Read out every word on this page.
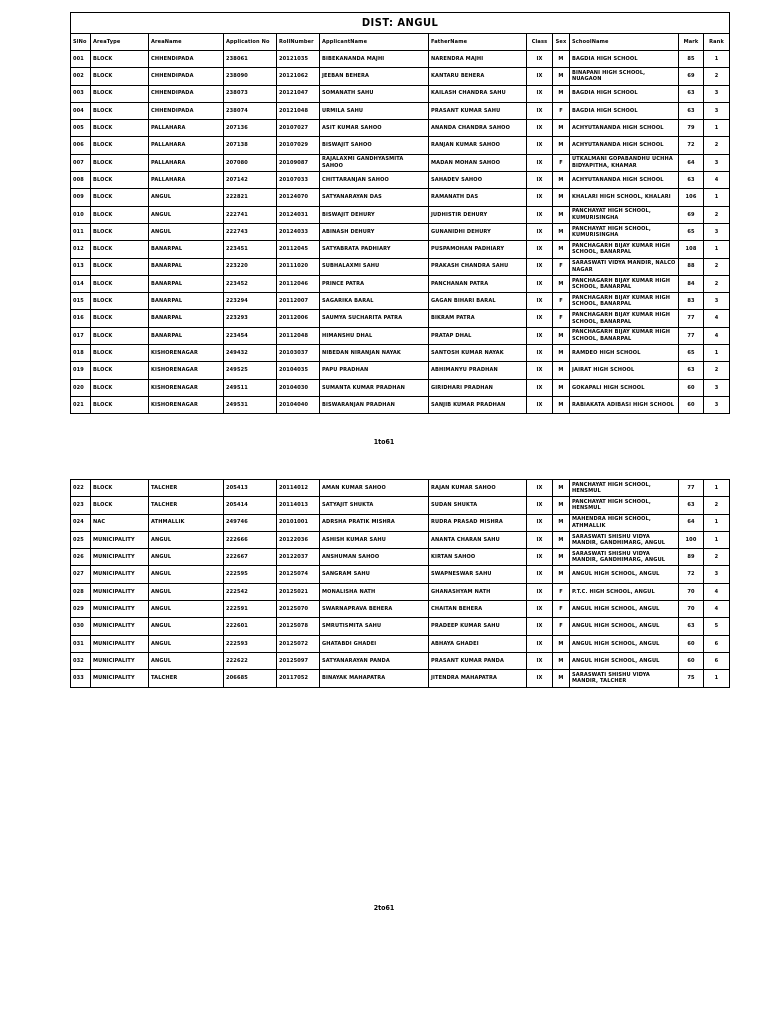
DIST: ANGUL											
SlNo	AreaType	AreaName	Application No	RollNumber	ApplicantName	FatherName	Class	Sex	SchoolName	Mark	Rank
001	BLOCK	CHHENDIPADA	238061	20121035	BIBEKANANDA MAJHI	NARENDRA MAJHI	IX	M	BAGDIA HIGH SCHOOL	85	1
002	BLOCK	CHHENDIPADA	238090	20121062	JEEBAN BEHERA	KANTARU BEHERA	IX	M	BINAPANI HIGH SCHOOL, NUAGAON	69	2
003	BLOCK	CHHENDIPADA	238073	20121047	SOMANATH SAHU	KAILASH CHANDRA SAHU	IX	M	BAGDIA HIGH SCHOOL	63	3
004	BLOCK	CHHENDIPADA	238074	20121048	URMILA SAHU	PRASANT KUMAR SAHU	IX	F	BAGDIA HIGH SCHOOL	63	3
005	BLOCK	PALLAHARA	207136	20107027	ASIT KUMAR SAHOO	ANANDA CHANDRA SAHOO	IX	M	ACHYUTANANDA HIGH SCHOOL	79	1
006	BLOCK	PALLAHARA	207138	20107029	BISWAJIT SAHOO	RANJAN KUMAR SAHOO	IX	M	ACHYUTANANDA HIGH SCHOOL	72	2
007	BLOCK	PALLAHARA	207080	20109087	RAJALAXMI GANDHYASMITA SAHOO	MADAN MOHAN SAHOO	IX	F	UTKALMANI GOPABANDHU UCHHA BIDYAPITHA, KHAMAR	64	3
008	BLOCK	PALLAHARA	207142	20107033	CHITTARANJAN SAHOO	SAHADEV SAHOO	IX	M	ACHYUTANANDA HIGH SCHOOL	63	4
009	BLOCK	ANGUL	222821	20124070	SATYANARAYAN DAS	RAMANATH DAS	IX	M	KHALARI HIGH SCHOOL, KHALARI	106	1
010	BLOCK	ANGUL	222741	20124031	BISWAJIT DEHURY	JUDHISTIR DEHURY	IX	M	PANCHAYAT HIGH SCHOOL, KUMURISINGHA	69	2
011	BLOCK	ANGUL	222743	20124033	ABINASH DEHURY	GUNANIDHI DEHURY	IX	M	PANCHAYAT HIGH SCHOOL, KUMURISINGHA	65	3
012	BLOCK	BANARPAL	223451	20112045	SATYABRATA PADHIARY	PUSPAMOHAN PADHIARY	IX	M	PANCHAGARH BIJAY KUMAR HIGH SCHOOL, BANARPAL	108	1
013	BLOCK	BANARPAL	223220	20111020	SUBHALAXMI SAHU	PRAKASH CHANDRA SAHU	IX	F	SARASWATI VIDYA MANDIR, NALCO NAGAR	88	2
014	BLOCK	BANARPAL	223452	20112046	PRINCE PATRA	PANCHANAN PATRA	IX	M	PANCHAGARH BIJAY KUMAR HIGH SCHOOL, BANARPAL	84	2
015	BLOCK	BANARPAL	223294	20112007	SAGARIKA BARAL	GAGAN BIHARI BARAL	IX	F	PANCHAGARH BIJAY KUMAR HIGH SCHOOL, BANARPAL	83	3
016	BLOCK	BANARPAL	223293	20112006	SAUMYA SUCHARITA PATRA	BIKRAM PATRA	IX	F	PANCHAGARH BIJAY KUMAR HIGH SCHOOL, BANARPAL	77	4
017	BLOCK	BANARPAL	223454	20112048	HIMANSHU DHAL	PRATAP DHAL	IX	M	PANCHAGARH BIJAY KUMAR HIGH SCHOOL, BANARPAL	77	4
018	BLOCK	KISHORENAGAR	249432	20103037	NIBEDAN NIRANJAN NAYAK	SANTOSH KUMAR NAYAK	IX	M	RAMDEO HIGH SCHOOL	65	1
019	BLOCK	KISHORENAGAR	249525	20104035	PAPU PRADHAN	ABHIMANYU PRADHAN	IX	M	JAIRAT HIGH SCHOOL	63	2
020	BLOCK	KISHORENAGAR	249511	20104030	SUMANTA KUMAR PRADHAN	GIRIDHARI PRADHAN	IX	M	GOKAPALI HIGH SCHOOL	60	3
021	BLOCK	KISHORENAGAR	249531	20104040	BISWARANJAN PRADHAN	SANJIB KUMAR PRADHAN	IX	M	RABIAKATA ADIBASI HIGH SCHOOL	60	3
1to61
022	BLOCK	TALCHER	205413	20114012	AMAN KUMAR SAHOO	RAJAN KUMAR SAHOO	IX	M	PANCHAYAT HIGH SCHOOL, HENSMUL	77	1
023	BLOCK	TALCHER	205414	20114013	SATYAJIT SHUKTA	SUDAN SHUKTA	IX	M	PANCHAYAT HIGH SCHOOL, HENSMUL	63	2
024	NAC	ATHMALLIK	249746	20101001	ADRSHA PRATIK MISHRA	RUDRA PRASAD MISHRA	IX	M	MAHENDRA HIGH SCHOOL, ATHMALLIK	64	1
025	MUNICIPALITY	ANGUL	222666	20122036	ASHISH KUMAR SAHU	ANANTA CHARAN SAHU	IX	M	SARASWATI SHISHU VIDYA MANDIR, GANDHIMARG, ANGUL	100	1
026	MUNICIPALITY	ANGUL	222667	20122037	ANSHUMAN SAHOO	KIRTAN SAHOO	IX	M	SARASWATI SHISHU VIDYA MANDIR, GANDHIMARG, ANGUL	89	2
027	MUNICIPALITY	ANGUL	222595	20125074	SANGRAM SAHU	SWAPNESWAR SAHU	IX	M	ANGUL HIGH SCHOOL, ANGUL	72	3
028	MUNICIPALITY	ANGUL	222542	20125021	MONALISHA NATH	GHANASHYAM NATH	IX	F	P.T.C. HIGH SCHOOL, ANGUL	70	4
029	MUNICIPALITY	ANGUL	222591	20125070	SWARNAPRAVA BEHERA	CHAITAN BEHERA	IX	F	ANGUL HIGH SCHOOL, ANGUL	70	4
030	MUNICIPALITY	ANGUL	222601	20125078	SMRUTISMITA SAHU	PRADEEP KUMAR SAHU	IX	F	ANGUL HIGH SCHOOL, ANGUL	63	5
031	MUNICIPALITY	ANGUL	222593	20125072	GHATABDI GHADEI	ABHAYA GHADEI	IX	M	ANGUL HIGH SCHOOL, ANGUL	60	6
032	MUNICIPALITY	ANGUL	222622	20125097	SATYANARAYAN PANDA	PRASANT KUMAR PANDA	IX	M	ANGUL HIGH SCHOOL, ANGUL	60	6
033	MUNICIPALITY	TALCHER	206685	20117052	BINAYAK MAHAPATRA	JITENDRA MAHAPATRA	IX	M	SARASWATI SHISHU VIDYA MANDIR, TALCHER	75	1
2to61
